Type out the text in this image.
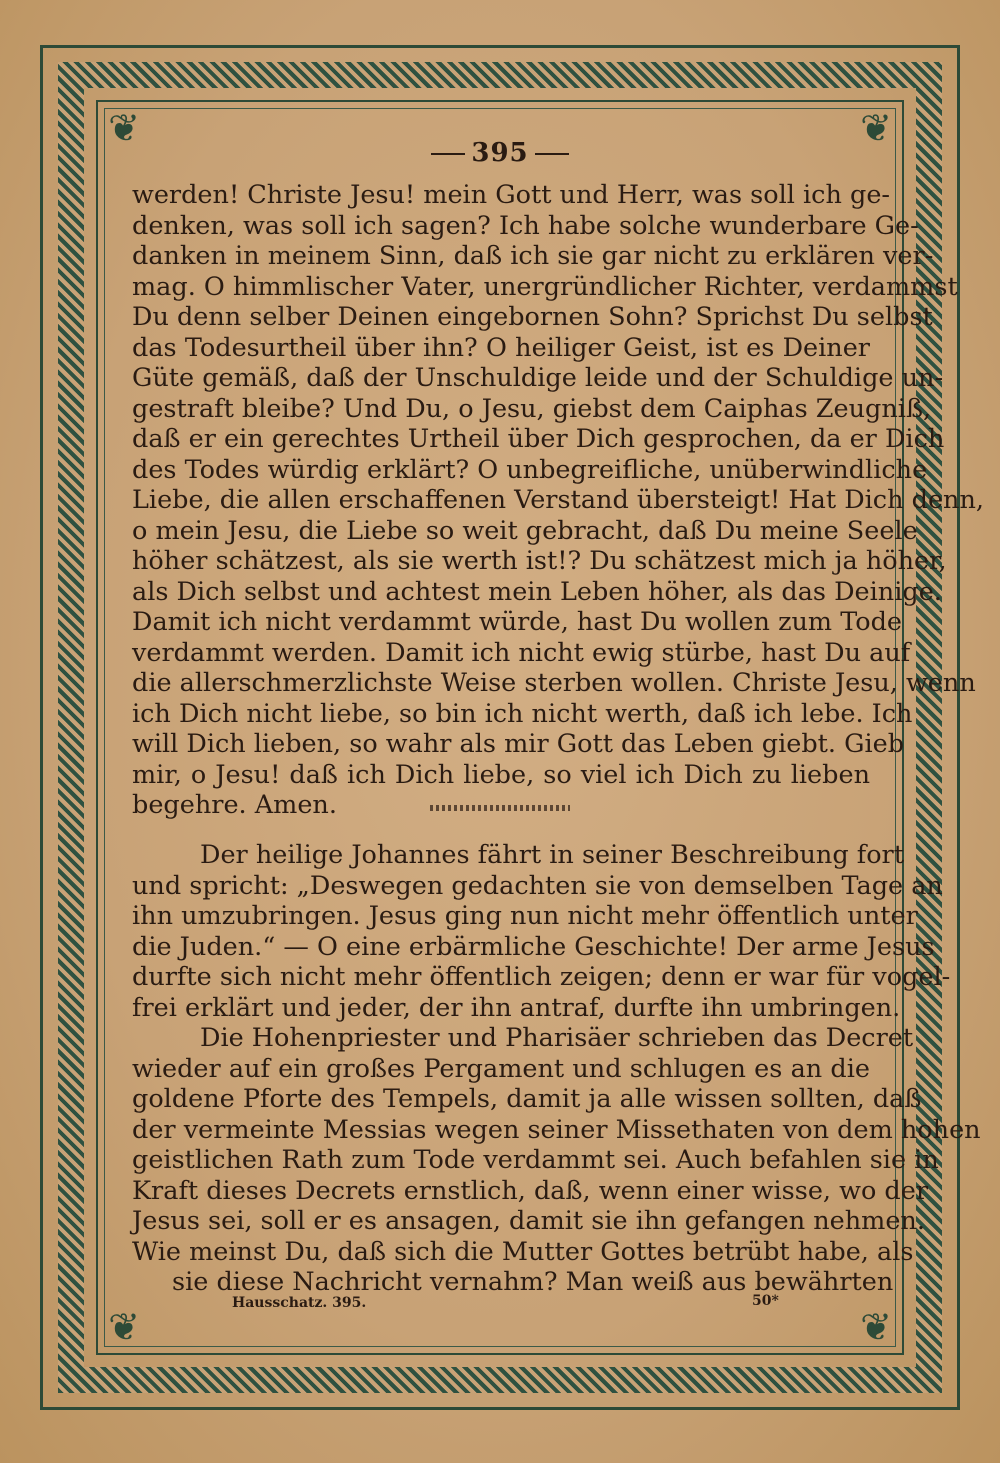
❦	❦
❦	❦
395
werden! Christe Jesu! mein Gott und Herr, was soll ich ge-
denken, was soll ich sagen? Ich habe solche wunderbare Ge-
danken in meinem Sinn, daß ich sie gar nicht zu erklären ver-
mag. O himmlischer Vater, unergründlicher Richter, verdammst
Du denn selber Deinen eingebornen Sohn? Sprichst Du selbst
das Todesurtheil über ihn? O heiliger Geist, ist es Deiner
Güte gemäß, daß der Unschuldige leide und der Schuldige un-
gestraft bleibe? Und Du, o Jesu, giebst dem Caiphas Zeugniß,
daß er ein gerechtes Urtheil über Dich gesprochen, da er Dich
des Todes würdig erklärt? O unbegreifliche, unüberwindliche
Liebe, die allen erschaffenen Verstand übersteigt! Hat Dich denn,
o mein Jesu, die Liebe so weit gebracht, daß Du meine Seele
höher schätzest, als sie werth ist!? Du schätzest mich ja höher,
als Dich selbst und achtest mein Leben höher, als das Deinige.
Damit ich nicht verdammt würde, hast Du wollen zum Tode
verdammt werden. Damit ich nicht ewig stürbe, hast Du auf
die allerschmerzlichste Weise sterben wollen. Christe Jesu, wenn
ich Dich nicht liebe, so bin ich nicht werth, daß ich lebe. Ich
will Dich lieben, so wahr als mir Gott das Leben giebt. Gieb
mir, o Jesu! daß ich Dich liebe, so viel ich Dich zu lieben
begehre. Amen.
Der heilige Johannes fährt in seiner Beschreibung fort
und spricht: „Deswegen gedachten sie von demselben Tage an
ihn umzubringen. Jesus ging nun nicht mehr öffentlich unter
die Juden.“ — O eine erbärmliche Geschichte! Der arme Jesus
durfte sich nicht mehr öffentlich zeigen; denn er war für vogel-
frei erklärt und jeder, der ihn antraf, durfte ihn umbringen.
Die Hohenpriester und Pharisäer schrieben das Decret
wieder auf ein großes Pergament und schlugen es an die
goldene Pforte des Tempels, damit ja alle wissen sollten, daß
der vermeinte Messias wegen seiner Missethaten von dem hohen
geistlichen Rath zum Tode verdammt sei. Auch befahlen sie in
Kraft dieses Decrets ernstlich, daß, wenn einer wisse, wo der
Jesus sei, soll er es ansagen, damit sie ihn gefangen nehmen.
Wie meinst Du, daß sich die Mutter Gottes betrübt habe, als
sie diese Nachricht vernahm? Man weiß aus bewährten
Hausschatz. 395.	50*
